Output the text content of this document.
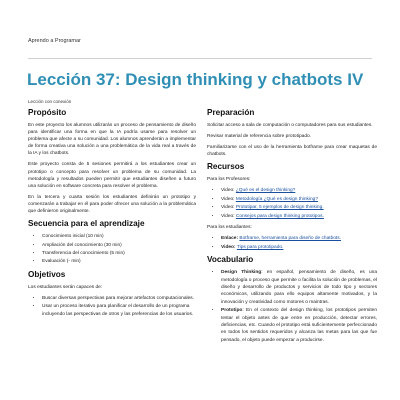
Aprendo a Programar
Lección 37: Design thinking y chatbots IV
Lección con conexión
Propósito

En este proyecto los alumnos utilizarán un proceso de pensamiento de diseño para identificar una forma en que la IA podría usarse para resolver un problema que afecte a su comunidad. Los alumnos aprenderán a implementar de forma creativa una solución a una problemática de la vida real a través de la IA y los chatbots.

Este proyecto consta de 5 sesiones permitirá a los estudiantes crear un prototipo o concepto para resolver un problema de su comunidad. La metodología y resultados pueden permitir que estudiantes diseñen a futuro una solución en software concreta para resolver el problema.

En la tercera y cuarta sesión los estudiantes definirán un prototipo y comenzarán a trabajar en él para poder ofrecer una solución a la problemática que definieron originalmente.

Secuencia para el aprendizaje
• Conocimiento inicial (10 min)
• Ampliación del conocimiento (30 min)
• Transferencia del conocimiento (5 min)
• Evaluación (- min)
Objetivos

Los estudiantes serán capaces de:

• Buscar diversas perspectivas para mejorar artefactos computacionales.
• Usar un proceso iterativo para planificar el desarrollo de un programa incluyendo las perspectivas de otros y las preferencias de los usuarios.
Preparación

Solicitar acceso a sala de computación o computadores para sus estudiantes.

Revisar material de referencia sobre prototipado.

Familiarizarse con el uso de la herramienta botframe para crear maquetas de chatbots.

Recursos

Para los Profesores:

• Video: ¿Qué es el design thinking?
• Video: Metodología ¿Qué es design thinking?
• Video: Prototipar, 5 ejemplos de design thinking.
• Video: Consejos para design thinking prototipos.

Para los estudiantes:

• Enlace: Botframe, herramienta para diseño de chatbots.
• Video: Tips para prototipado.
Vocabulario
• Design Thinking: en español, pensamiento de diseño, es una metodología o proceso que permite o facilita la solución de problemas, el diseño y desarrollo de productos y servicios de todo tipo y sectores económicos, utilizando para ello equipos altamente motivados, y la innovación y creatividad como motores o maintras.
• Prototipo: En el contexto del design thinking, los prototipos permiten testar el objeto antes de que entre en producción, detectar errores, deficiencias, etc. Cuando el prototipo está suficientemente perfeccionado en todos los sentidos requeridos y alcanza las metas para las que fue pensado, el objeto puede empezar a producirse.
